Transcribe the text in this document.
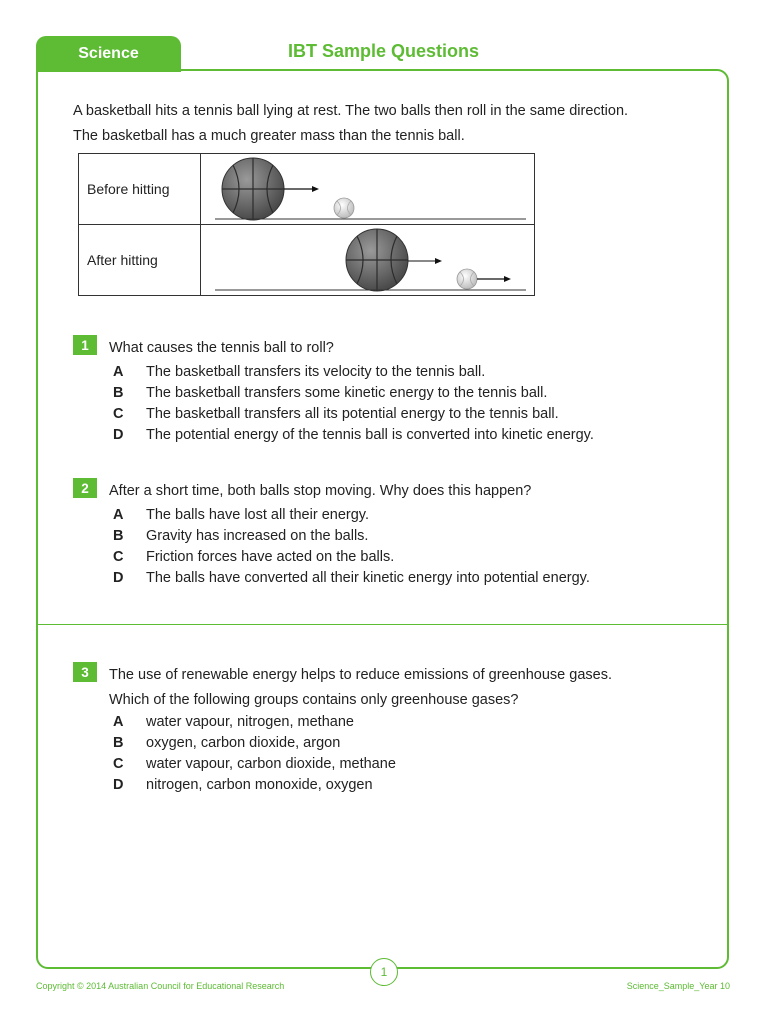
Science	IBT Sample Questions
A basketball hits a tennis ball lying at rest. The two balls then roll in the same direction.
The basketball has a much greater mass than the tennis ball.
Before hitting	

After hitting	
1	What causes the tennis ball to roll?
A	The basketball transfers its velocity to the tennis ball.
B	The basketball transfers some kinetic energy to the tennis ball.
C	The basketball transfers all its potential energy to the tennis ball.
D	The potential energy of the tennis ball is converted into kinetic energy.
2	After a short time, both balls stop moving. Why does this happen?
A	The balls have lost all their energy.
B	Gravity has increased on the balls.
C	Friction forces have acted on the balls.
D	The balls have converted all their kinetic energy into potential energy.
3	The use of renewable energy helps to reduce emissions of greenhouse gases.
Which of the following groups contains only greenhouse gases?
A	water vapour, nitrogen, methane
B	oxygen, carbon dioxide, argon
C	water vapour, carbon dioxide, methane
D	nitrogen, carbon monoxide, oxygen
1
Copyright © 2014 Australian Council for Educational Research	Science_Sample_Year 10
